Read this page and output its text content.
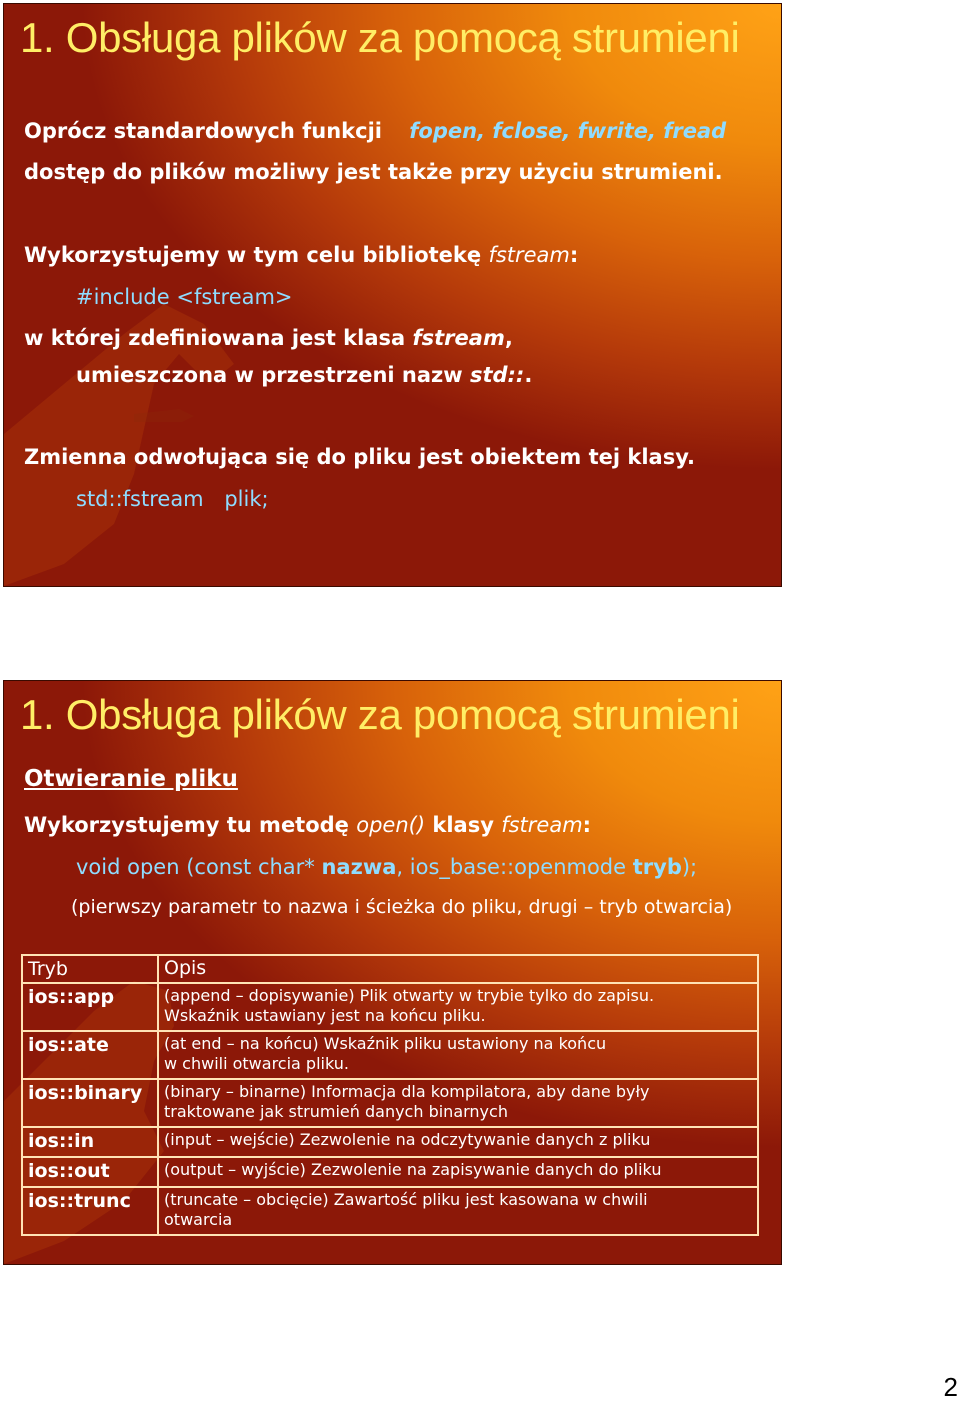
1. Obsługa plików za pomocą strumieni
Oprócz standardowych funkcji fopen, fclose, fwrite, fread
dostęp do plików możliwy jest także przy użyciu strumieni.
Wykorzystujemy w tym celu bibliotekę fstream:
#include <fstream>
w której zdefiniowana jest klasa fstream,
umieszczona w przestrzeni nazw std::.
Zmienna odwołująca się do pliku jest obiektem tej klasy.
std::fstream plik;
1. Obsługa plików za pomocą strumieni
Otwieranie pliku
Wykorzystujemy tu metodę open() klasy fstream:
void open (const char* nazwa, ios_base::openmode tryb);
(pierwszy parametr to nazwa i ścieżka do pliku, drugi – tryb otwarcia)
Tryb	Opis
ios::app	(append – dopisywanie) Plik otwarty w trybie tylko do zapisu.
Wskaźnik ustawiany jest na końcu pliku.

ios::ate	(at end – na końcu) Wskaźnik pliku ustawiony na końcu
w chwili otwarcia pliku.

ios::binary	(binary – binarne) Informacja dla kompilatora, aby dane były
traktowane jak strumień danych binarnych

ios::in	(input – wejście) Zezwolenie na odczytywanie danych z pliku

ios::out	(output – wyjście) Zezwolenie na zapisywanie danych do pliku

ios::trunc	(truncate – obcięcie) Zawartość pliku jest kasowana w chwili
otwarcia
2
